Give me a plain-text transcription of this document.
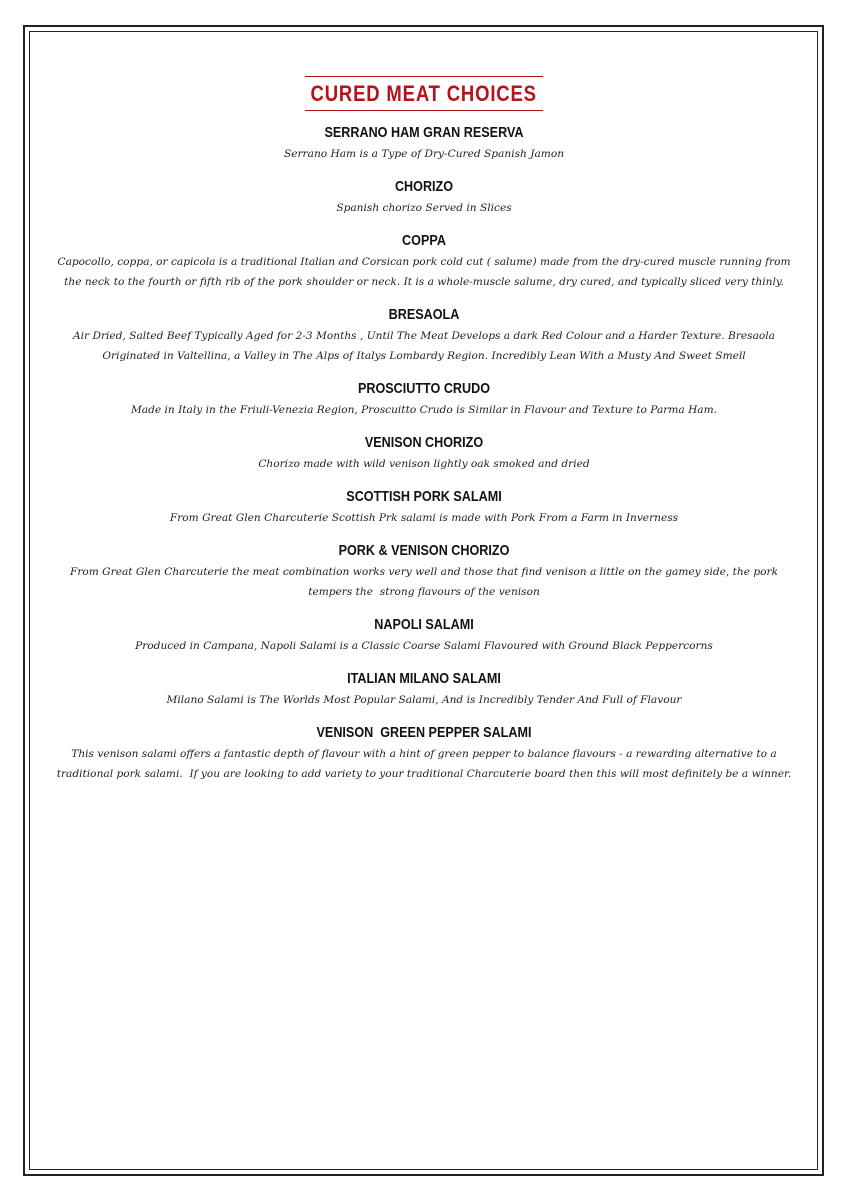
CURED MEAT CHOICES
SERRANO HAM GRAN RESERVA
Serrano Ham is a Type of Dry-Cured Spanish Jamon
CHORIZO
Spanish chorizo Served in Slices
COPPA
Capocollo, coppa, or capicola is a traditional Italian and Corsican pork cold cut ( salume) made from the dry-cured muscle running from the neck to the fourth or fifth rib of the pork shoulder or neck. It is a whole-muscle salume, dry cured, and typically sliced very thinly.
BRESAOLA
Air Dried, Salted Beef Typically Aged for 2-3 Months , Until The Meat Develops a dark Red Colour and a Harder Texture. Bresaola Originated in Valtellina, a Valley in The Alps of Italys Lombardy Region. Incredibly Lean With a Musty And Sweet Smell
PROSCIUTTO CRUDO
Made in Italy in the Friuli-Venezia Region, Proscuitto Crudo is Similar in Flavour and Texture to Parma Ham.
VENISON CHORIZO
Chorizo made with wild venison lightly oak smoked and dried
SCOTTISH PORK SALAMI
From Great Glen Charcuterie Scottish Prk salami is made with Pork From a Farm in Inverness
PORK & VENISON CHORIZO
From Great Glen Charcuterie the meat combination works very well and those that find venison a little on the gamey side, the pork tempers the  strong flavours of the venison
NAPOLI SALAMI
Produced in Campana, Napoli Salami is a Classic Coarse Salami Flavoured with Ground Black Peppercorns
ITALIAN MILANO SALAMI
Milano Salami is The Worlds Most Popular Salami, And is Incredibly Tender And Full of Flavour
VENISON  GREEN PEPPER SALAMI
This venison salami offers a fantastic depth of flavour with a hint of green pepper to balance flavours - a rewarding alternative to a traditional pork salami.  If you are looking to add variety to your traditional Charcuterie board then this will most definitely be a winner.
